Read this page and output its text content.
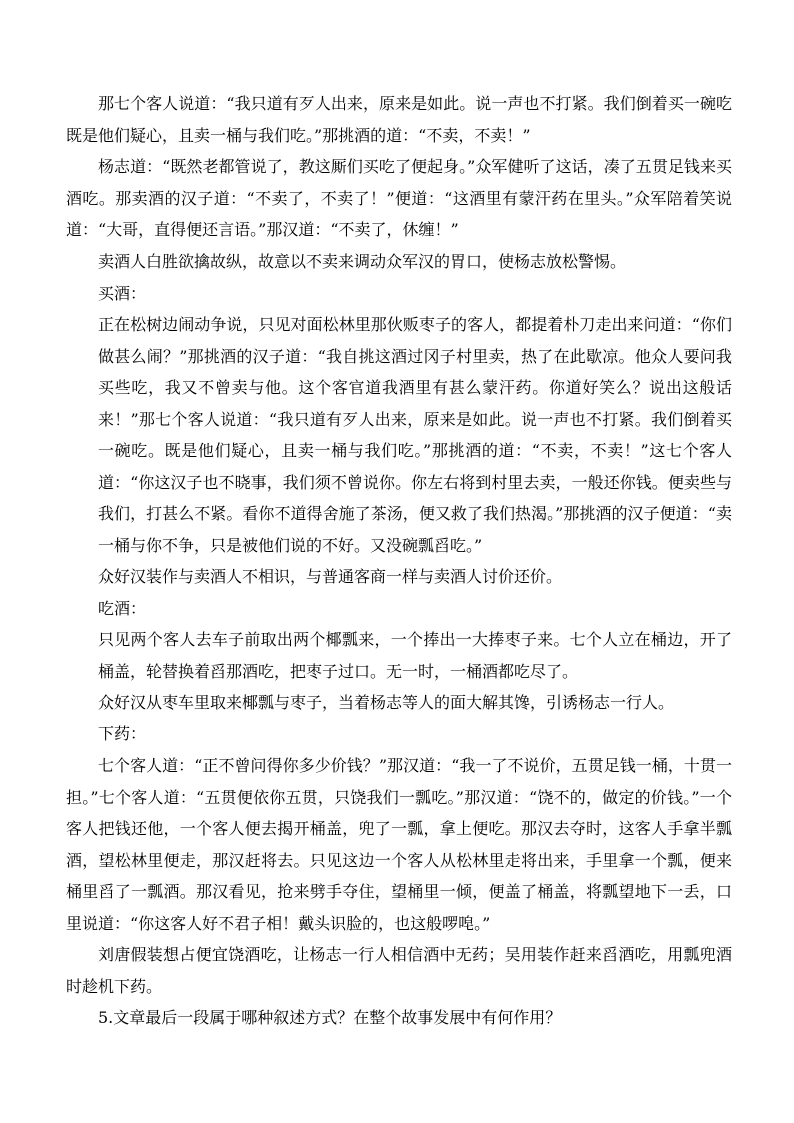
那七个客人说道：“我只道有歹人出来，原来是如此。说一声也不打紧。我们倒着买一碗吃既是他们疑心，且卖一桶与我们吃。”那挑酒的道：“不卖，不卖！”

杨志道：“既然老都管说了，教这厮们买吃了便起身。”众军健听了这话，凑了五贯足钱来买酒吃。那卖酒的汉子道：“不卖了，不卖了！”便道：“这酒里有蒙汗药在里头。”众军陪着笑说道：“大哥，直得便还言语。”那汉道：“不卖了，休缠！”

卖酒人白胜欲擒故纵，故意以不卖来调动众军汉的胃口，使杨志放松警惕。

买酒：

正在松树边闹动争说，只见对面松林里那伙贩枣子的客人，都提着朴刀走出来问道：“你们做甚么闹？”那挑酒的汉子道：“我自挑这酒过冈子村里卖，热了在此歇凉。他众人要问我买些吃，我又不曾卖与他。这个客官道我酒里有甚么蒙汗药。你道好笑么？说出这般话来！”那七个客人说道：“我只道有歹人出来，原来是如此。说一声也不打紧。我们倒着买一碗吃。既是他们疑心，且卖一桶与我们吃。”那挑酒的道：“不卖，不卖！”这七个客人道：“你这汉子也不晓事，我们须不曾说你。你左右将到村里去卖，一般还你钱。便卖些与我们，打甚么不紧。看你不道得舍施了茶汤，便又救了我们热渴。”那挑酒的汉子便道：“卖一桶与你不争，只是被他们说的不好。又没碗瓢舀吃。”

众好汉装作与卖酒人不相识，与普通客商一样与卖酒人讨价还价。

吃酒：

只见两个客人去车子前取出两个椰瓢来，一个捧出一大捧枣子来。七个人立在桶边，开了桶盖，轮替换着舀那酒吃，把枣子过口。无一时，一桶酒都吃尽了。

众好汉从枣车里取来椰瓢与枣子，当着杨志等人的面大解其馋，引诱杨志一行人。

下药：

七个客人道：“正不曾问得你多少价钱？”那汉道：“我一了不说价，五贯足钱一桶，十贯一担。”七个客人道：“五贯便依你五贯，只饶我们一瓢吃。”那汉道：“饶不的，做定的价钱。”一个客人把钱还他，一个客人便去揭开桶盖，兜了一瓢，拿上便吃。那汉去夺时，这客人手拿半瓢酒，望松林里便走，那汉赶将去。只见这边一个客人从松林里走将出来，手里拿一个瓢，便来桶里舀了一瓢酒。那汉看见，抢来劈手夺住，望桶里一倾，便盖了桶盖，将瓢望地下一丢，口里说道：“你这客人好不君子相！戴头识脸的，也这般啰唣。”

刘唐假装想占便宜饶酒吃，让杨志一行人相信酒中无药；吴用装作赶来舀酒吃，用瓢兜酒时趁机下药。

5.文章最后一段属于哪种叙述方式？在整个故事发展中有何作用？
